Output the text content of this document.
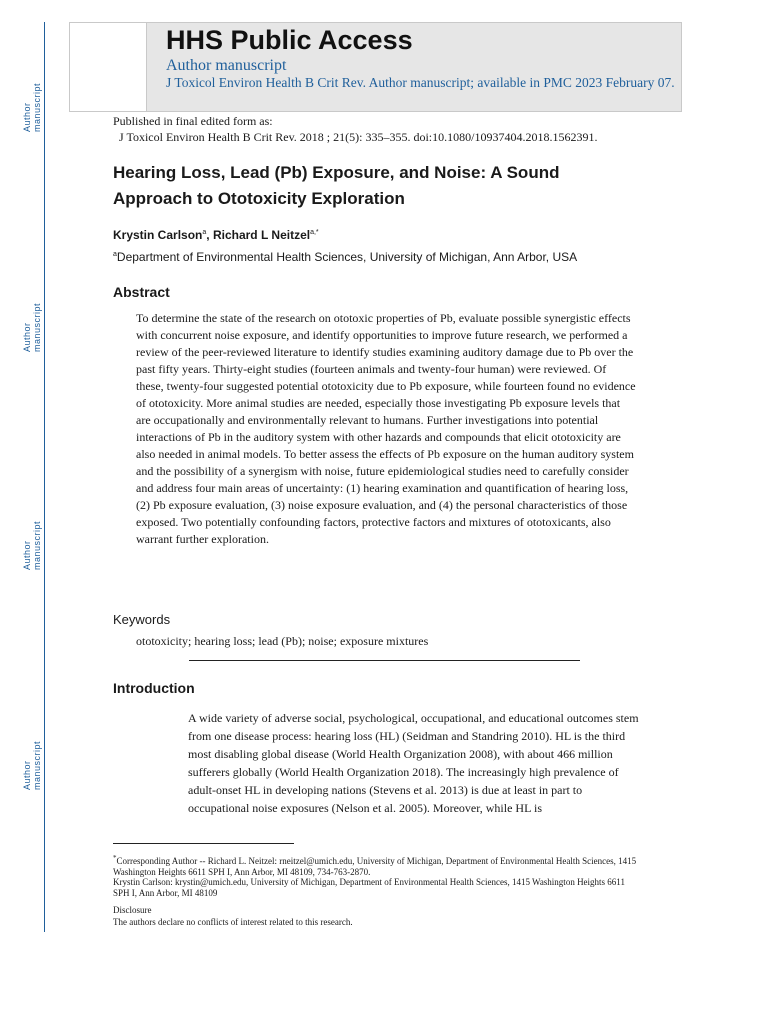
Author manuscript
Author manuscript
Author manuscript
Author manuscript
HHS Public Access
Author manuscript
J Toxicol Environ Health B Crit Rev. Author manuscript; available in PMC 2023 February 07.
Published in final edited form as:
J Toxicol Environ Health B Crit Rev. 2018 ; 21(5): 335–355. doi:10.1080/10937404.2018.1562391.
Hearing Loss, Lead (Pb) Exposure, and Noise: A Sound Approach to Ototoxicity Exploration
Krystin Carlson$^a$, Richard L Neitzel$^{a,*}$
$^a$Department of Environmental Health Sciences, University of Michigan, Ann Arbor, USA
Abstract

To determine the state of the research on ototoxic properties of Pb, evaluate possible synergistic effects with concurrent noise exposure, and identify opportunities to improve future research, we performed a review of the peer-reviewed literature to identify studies examining auditory damage due to Pb over the past fifty years. Thirty-eight studies (fourteen animals and twenty-four human) were reviewed. Of these, twenty-four suggested potential ototoxicity due to Pb exposure, while fourteen found no evidence of ototoxicity. More animal studies are needed, especially those investigating Pb exposure levels that are occupationally and environmentally relevant to humans. Further investigations into potential interactions of Pb in the auditory system with other hazards and compounds that elicit ototoxicity are also needed in animal models. To better assess the effects of Pb exposure on the human auditory system and the possibility of a synergism with noise, future epidemiological studies need to carefully consider and address four main areas of uncertainty: (1) hearing examination and quantification of hearing loss, (2) Pb exposure evaluation, (3) noise exposure evaluation, and (4) the personal characteristics of those exposed. Two potentially confounding factors, protective factors and mixtures of ototoxicants, also warrant further exploration.

Keywords
ototoxicity; hearing loss; lead (Pb); noise; exposure mixtures
Introduction

A wide variety of adverse social, psychological, occupational, and educational outcomes stem from one disease process: hearing loss (HL) (Seidman and Standring 2010). HL is the third most disabling global disease (World Health Organization 2008), with about 466 million sufferers globally (World Health Organization 2018). The increasingly high prevalence of adult-onset HL in developing nations (Stevens et al. 2013) is due at least in part to occupational noise exposures (Nelson et al. 2005). Moreover, while HL is

*Corresponding Author -- Richard L. Neitzel: rneitzel@umich.edu, University of Michigan, Department of Environmental Health Sciences, 1415 Washington Heights 6611 SPH I, Ann Arbor, MI 48109, 734-763-2870.

Krystin Carlson: krystin@umich.edu, University of Michigan, Department of Environmental Health Sciences, 1415 Washington Heights 6611 SPH I, Ann Arbor, MI 48109

Disclosure

The authors declare no conflicts of interest related to this research.
